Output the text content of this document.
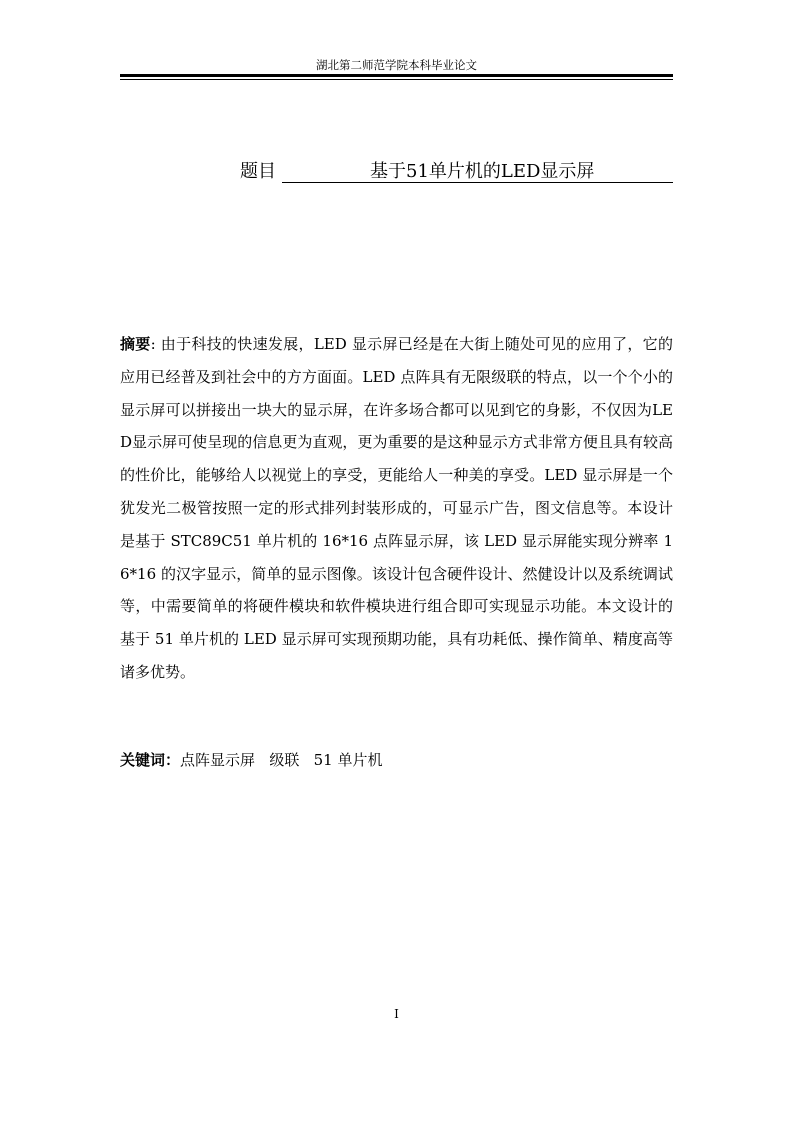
湖北第二师范学院本科毕业论文
题目	基于51单片机的LED显示屏
摘要: 由于科技的快速发展，LED 显示屏已经是在大街上随处可见的应用了，它的应用已经普及到社会中的方方面面。LED 点阵具有无限级联的特点，以一个个小的显示屏可以拼接出一块大的显示屏，在许多场合都可以见到它的身影，不仅因为LED显示屏可使呈现的信息更为直观，更为重要的是这种显示方式非常方便且具有较高的性价比，能够给人以视觉上的享受，更能给人一种美的享受。LED 显示屏是一个犹发光二极管按照一定的形式排列封装形成的，可显示广告，图文信息等。本设计是基于 STC89C51 单片机的 16*16 点阵显示屏，该 LED 显示屏能实现分辨率 16*16 的汉字显示，简单的显示图像。该设计包含硬件设计、然健设计以及系统调试等，中需要简单的将硬件模块和软件模块进行组合即可实现显示功能。本文设计的基于 51 单片机的 LED 显示屏可实现预期功能，具有功耗低、操作简单、精度高等诸多优势。
关键词：点阵显示屏   级联   51 单片机
I
